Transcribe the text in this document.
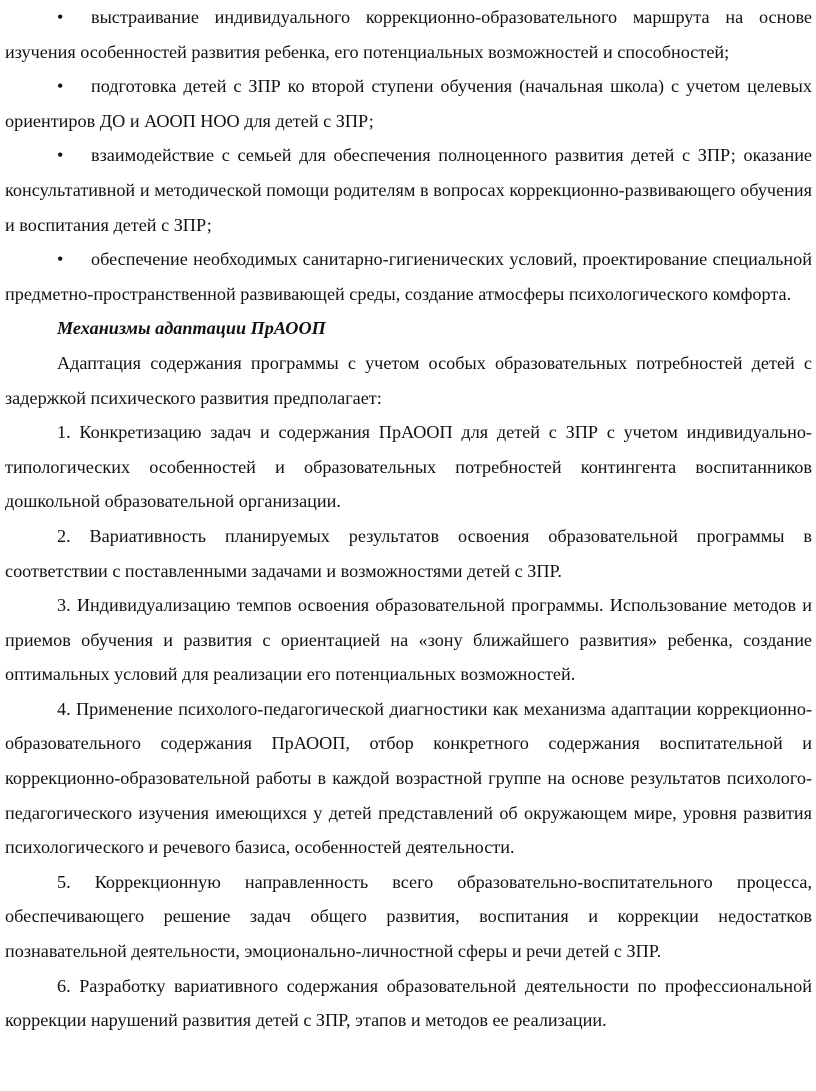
• выстраивание индивидуального коррекционно-образовательного маршрута на основе изучения особенностей развития ребенка, его потенциальных возможностей и способностей;

• подготовка детей с ЗПР ко второй ступени обучения (начальная школа) с учетом целевых ориентиров ДО и АООП НОО для детей с ЗПР;

• взаимодействие с семьей для обеспечения полноценного развития детей с ЗПР; оказание консультативной и методической помощи родителям в вопросах коррекционно-развивающего обучения и воспитания детей с ЗПР;

• обеспечение необходимых санитарно-гигиенических условий, проектирование специальной предметно-пространственной развивающей среды, создание атмосферы психологического комфорта.

Механизмы адаптации ПрАООП

Адаптация содержания программы с учетом особых образовательных потребностей детей с задержкой психического развития предполагает:

1. Конкретизацию задач и содержания ПрАООП для детей с ЗПР с учетом индивидуально-типологических особенностей и образовательных потребностей контингента воспитанников дошкольной образовательной организации.

2. Вариативность планируемых результатов освоения образовательной программы в соответствии с поставленными задачами и возможностями детей с ЗПР.

3. Индивидуализацию темпов освоения образовательной программы. Использование методов и приемов обучения и развития с ориентацией на «зону ближайшего развития» ребенка, создание оптимальных условий для реализации его потенциальных возможностей.

4. Применение психолого-педагогической диагностики как механизма адаптации коррекционно-образовательного содержания ПрАООП, отбор конкретного содержания воспитательной и коррекционно-образовательной работы в каждой возрастной группе на основе результатов психолого-педагогического изучения имеющихся у детей представлений об окружающем мире, уровня развития психологического и речевого базиса, особенностей деятельности.

5. Коррекционную направленность всего образовательно-воспитательного процесса, обеспечивающего решение задач общего развития, воспитания и коррекции недостатков познавательной деятельности, эмоционально-личностной сферы и речи детей с ЗПР.

6. Разработку вариативного содержания образовательной деятельности по профессиональной коррекции нарушений развития детей с ЗПР, этапов и методов ее реализации.
